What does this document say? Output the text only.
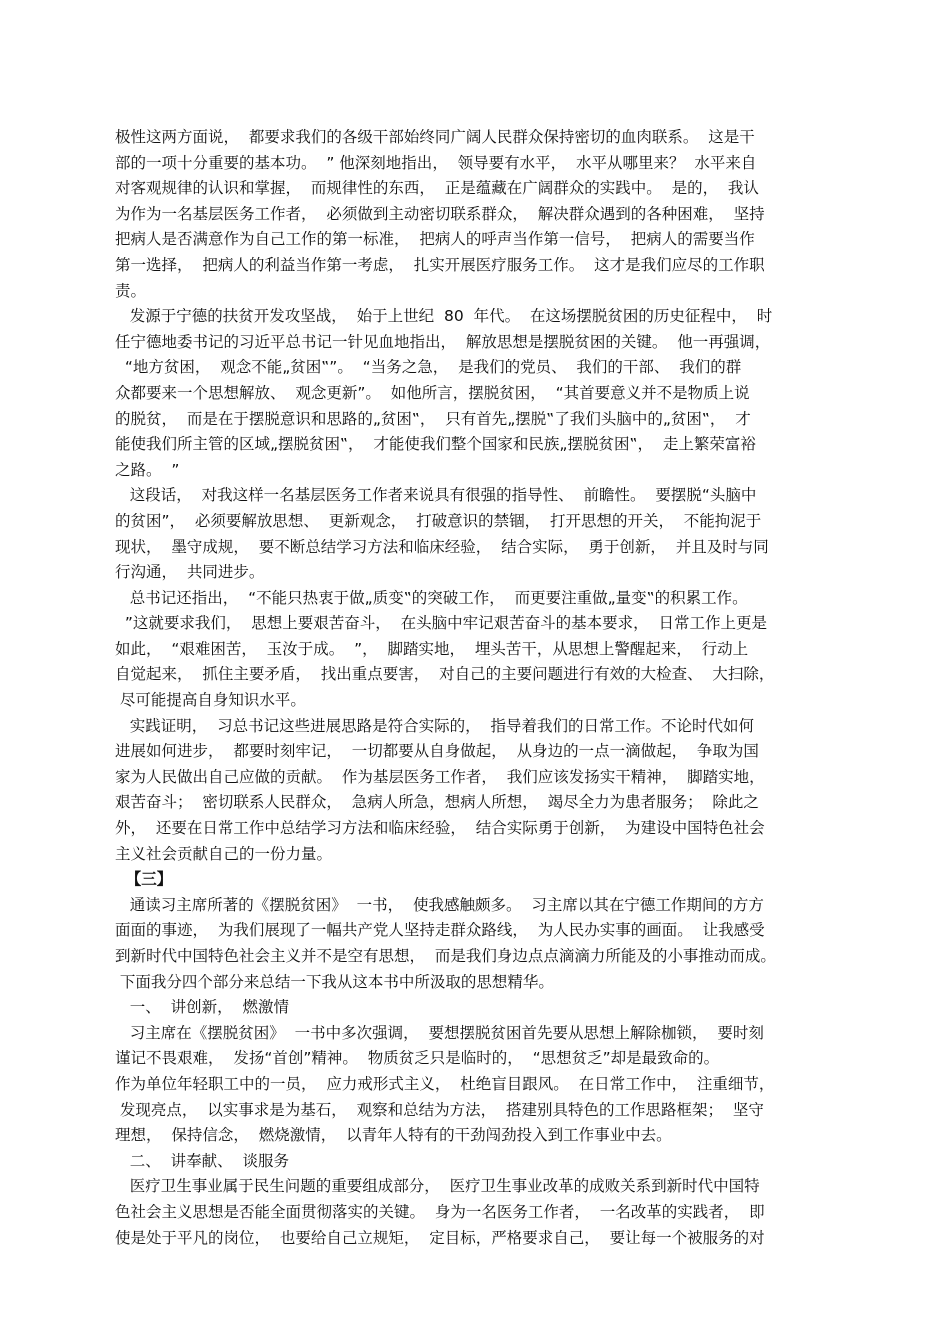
极性这两方面说，  都要求我们的各级干部始终同广阔人民群众保持密切的血肉联系。  这是干
部的一项十分重要的基本功。  ” 他深刻地指出，  领导要有水平，  水平从哪里来？  水平来自
对客观规律的认识和掌握，  而规律性的东西，  正是蕴藏在广阔群众的实践中。  是的，  我认
为作为一名基层医务工作者，  必须做到主动密切联系群众，  解决群众遇到的各种困难，  坚持
把病人是否满意作为自己工作的第一标准，  把病人的呼声当作第一信号，  把病人的需要当作
第一选择，  把病人的利益当作第一考虑，  扎实开展医疗服务工作。  这才是我们应尽的工作职
责。
发源于宁德的扶贫开发攻坚战，  始于上世纪  80  年代。  在这场摆脱贫困的历史征程中，  时
任宁德地委书记的习近平总书记一针见血地指出，  解放思想是摆脱贫困的关键。  他一再强调，
“地方贫困，  观念不能„贫困‟”。  “当务之急，  是我们的党员、  我们的干部、  我们的群
众都要来一个思想解放、  观念更新”。  如他所言，摆脱贫困，  “其首要意义并不是物质上说
的脱贫，  而是在于摆脱意识和思路的„贫困‟，  只有首先„摆脱‟了我们头脑中的„贫困‟，  才
能使我们所主管的区域„摆脱贫困‟，  才能使我们整个国家和民族„摆脱贫困‟，  走上繁荣富裕
之路。  ”
这段话，  对我这样一名基层医务工作者来说具有很强的指导性、  前瞻性。  要摆脱“头脑中
的贫困”，  必须要解放思想、  更新观念，  打破意识的禁锢，  打开思想的开关，  不能拘泥于
现状，  墨守成规，  要不断总结学习方法和临床经验，  结合实际，  勇于创新，  并且及时与同
行沟通，  共同进步。
总书记还指出，  “不能只热衷于做„质变‟的突破工作，  而更要注重做„量变‟的积累工作。
”这就要求我们，  思想上要艰苦奋斗，  在头脑中牢记艰苦奋斗的基本要求，  日常工作上更是
如此，  “艰难困苦，  玉汝于成。  ”，  脚踏实地，  埋头苦干，从思想上警醒起来，  行动上
自觉起来，  抓住主要矛盾，  找出重点要害，  对自己的主要问题进行有效的大检查、  大扫除，
尽可能提高自身知识水平。
实践证明，  习总书记这些进展思路是符合实际的，  指导着我们的日常工作。不论时代如何
进展如何进步，  都要时刻牢记，  一切都要从自身做起，  从身边的一点一滴做起，  争取为国
家为人民做出自己应做的贡献。  作为基层医务工作者，  我们应该发扬实干精神，  脚踏实地，
艰苦奋斗；  密切联系人民群众，  急病人所急，想病人所想，  竭尽全力为患者服务；  除此之
外，  还要在日常工作中总结学习方法和临床经验，  结合实际勇于创新，  为建设中国特色社会
主义社会贡献自己的一份力量。
【三】
通读习主席所著的《摆脱贫困》  一书，  使我感触颇多。  习主席以其在宁德工作期间的方方
面面的事迹，  为我们展现了一幅共产党人坚持走群众路线，  为人民办实事的画面。  让我感受
到新时代中国特色社会主义并不是空有思想，  而是我们身边点点滴滴力所能及的小事推动而成。
下面我分四个部分来总结一下我从这本书中所汲取的思想精华。
一、  讲创新，  燃激情
习主席在《摆脱贫困》  一书中多次强调，  要想摆脱贫困首先要从思想上解除枷锁，  要时刻
谨记不畏艰难，  发扬“首创”精神。  物质贫乏只是临时的，  “思想贫乏”却是最致命的。
作为单位年轻职工中的一员，  应力戒形式主义，  杜绝盲目跟风。  在日常工作中，  注重细节，
发现亮点，  以实事求是为基石，  观察和总结为方法，  搭建别具特色的工作思路框架；  坚守
理想，  保持信念，  燃烧激情，  以青年人特有的干劲闯劲投入到工作事业中去。
二、  讲奉献、  谈服务
医疗卫生事业属于民生问题的重要组成部分，  医疗卫生事业改革的成败关系到新时代中国特
色社会主义思想是否能全面贯彻落实的关键。  身为一名医务工作者，  一名改革的实践者，  即
使是处于平凡的岗位，  也要给自己立规矩，  定目标，严格要求自己，  要让每一个被服务的对
